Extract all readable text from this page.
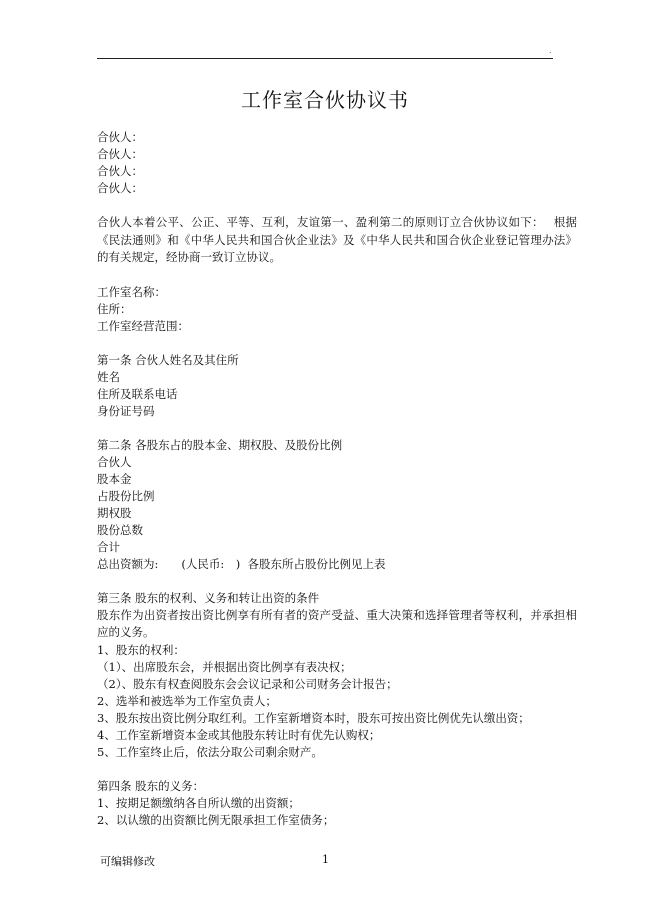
.
工作室合伙协议书
合伙人：
合伙人：
合伙人：
合伙人：
合伙人本着公平、公正、平等、互利，友谊第一、盈利第二的原则订立合伙协议如下：　 根据《民法通则》和《中华人民共和国合伙企业法》及《中华人民共和国合伙企业登记管理办法》的有关规定，经协商一致订立协议。
工作室名称：
住所：
工作室经营范围：
第一条 合伙人姓名及其住所
姓名
住所及联系电话
身份证号码
第二条 各股东占的股本金、期权股、及股份比例
合伙人
股本金
占股份比例
期权股
股份总数
合计
总出资额为:　　(人民币:　)  各股东所占股份比例见上表
第三条 股东的权利、义务和转让出资的条件
股东作为出资者按出资比例享有所有者的资产受益、重大决策和选择管理者等权利，并承担相应的义务。
1、股东的权利：
（1）、出席股东会，并根据出资比例享有表决权；
（2）、股东有权查阅股东会会议记录和公司财务会计报告；
2、选举和被选举为工作室负责人；
3、股东按出资比例分取红利。工作室新增资本时，股东可按出资比例优先认缴出资；
4、工作室新增资本金或其他股东转让时有优先认购权；
5、工作室终止后，依法分取公司剩余财产。
第四条 股东的义务：
1、按期足额缴纳各自所认缴的出资额；
2、以认缴的出资额比例无限承担工作室债务；
可编辑修改	1
